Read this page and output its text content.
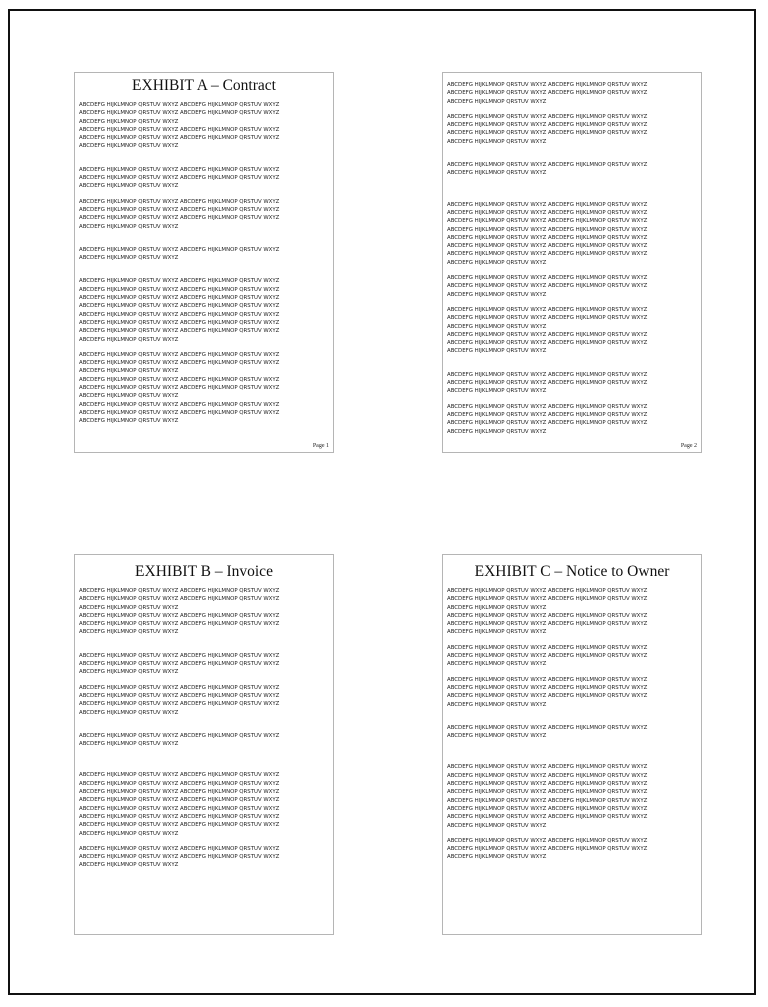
EXHIBIT A – Contract
ABCDEFG HIJKLMNOP QRSTUV WXYZ ABCDEFG HIJKLMNOP QRSTUV WXYZ
ABCDEFG HIJKLMNOP QRSTUV WXYZ ABCDEFG HIJKLMNOP QRSTUV WXYZ
ABCDEFG HIJKLMNOP QRSTUV WXYZ
ABCDEFG HIJKLMNOP QRSTUV WXYZ ABCDEFG HIJKLMNOP QRSTUV WXYZ
ABCDEFG HIJKLMNOP QRSTUV WXYZ ABCDEFG HIJKLMNOP QRSTUV WXYZ
ABCDEFG HIJKLMNOP QRSTUV WXYZ
ABCDEFG HIJKLMNOP QRSTUV WXYZ ABCDEFG HIJKLMNOP QRSTUV WXYZ
ABCDEFG HIJKLMNOP QRSTUV WXYZ ABCDEFG HIJKLMNOP QRSTUV WXYZ
ABCDEFG HIJKLMNOP QRSTUV WXYZ
ABCDEFG HIJKLMNOP QRSTUV WXYZ ABCDEFG HIJKLMNOP QRSTUV WXYZ
ABCDEFG HIJKLMNOP QRSTUV WXYZ ABCDEFG HIJKLMNOP QRSTUV WXYZ
ABCDEFG HIJKLMNOP QRSTUV WXYZ ABCDEFG HIJKLMNOP QRSTUV WXYZ
ABCDEFG HIJKLMNOP QRSTUV WXYZ
ABCDEFG HIJKLMNOP QRSTUV WXYZ ABCDEFG HIJKLMNOP QRSTUV WXYZ
ABCDEFG HIJKLMNOP QRSTUV WXYZ
ABCDEFG HIJKLMNOP QRSTUV WXYZ ABCDEFG HIJKLMNOP QRSTUV WXYZ
ABCDEFG HIJKLMNOP QRSTUV WXYZ ABCDEFG HIJKLMNOP QRSTUV WXYZ
ABCDEFG HIJKLMNOP QRSTUV WXYZ ABCDEFG HIJKLMNOP QRSTUV WXYZ
ABCDEFG HIJKLMNOP QRSTUV WXYZ ABCDEFG HIJKLMNOP QRSTUV WXYZ
ABCDEFG HIJKLMNOP QRSTUV WXYZ ABCDEFG HIJKLMNOP QRSTUV WXYZ
ABCDEFG HIJKLMNOP QRSTUV WXYZ ABCDEFG HIJKLMNOP QRSTUV WXYZ
ABCDEFG HIJKLMNOP QRSTUV WXYZ ABCDEFG HIJKLMNOP QRSTUV WXYZ
ABCDEFG HIJKLMNOP QRSTUV WXYZ
ABCDEFG HIJKLMNOP QRSTUV WXYZ ABCDEFG HIJKLMNOP QRSTUV WXYZ
ABCDEFG HIJKLMNOP QRSTUV WXYZ ABCDEFG HIJKLMNOP QRSTUV WXYZ
ABCDEFG HIJKLMNOP QRSTUV WXYZ
ABCDEFG HIJKLMNOP QRSTUV WXYZ ABCDEFG HIJKLMNOP QRSTUV WXYZ
ABCDEFG HIJKLMNOP QRSTUV WXYZ ABCDEFG HIJKLMNOP QRSTUV WXYZ
ABCDEFG HIJKLMNOP QRSTUV WXYZ
ABCDEFG HIJKLMNOP QRSTUV WXYZ ABCDEFG HIJKLMNOP QRSTUV WXYZ
ABCDEFG HIJKLMNOP QRSTUV WXYZ ABCDEFG HIJKLMNOP QRSTUV WXYZ
ABCDEFG HIJKLMNOP QRSTUV WXYZ
Page 1
ABCDEFG HIJKLMNOP QRSTUV WXYZ ABCDEFG HIJKLMNOP QRSTUV WXYZ
ABCDEFG HIJKLMNOP QRSTUV WXYZ ABCDEFG HIJKLMNOP QRSTUV WXYZ
ABCDEFG HIJKLMNOP QRSTUV WXYZ
ABCDEFG HIJKLMNOP QRSTUV WXYZ ABCDEFG HIJKLMNOP QRSTUV WXYZ
ABCDEFG HIJKLMNOP QRSTUV WXYZ ABCDEFG HIJKLMNOP QRSTUV WXYZ
ABCDEFG HIJKLMNOP QRSTUV WXYZ ABCDEFG HIJKLMNOP QRSTUV WXYZ
ABCDEFG HIJKLMNOP QRSTUV WXYZ
ABCDEFG HIJKLMNOP QRSTUV WXYZ ABCDEFG HIJKLMNOP QRSTUV WXYZ
ABCDEFG HIJKLMNOP QRSTUV WXYZ
ABCDEFG HIJKLMNOP QRSTUV WXYZ ABCDEFG HIJKLMNOP QRSTUV WXYZ
ABCDEFG HIJKLMNOP QRSTUV WXYZ ABCDEFG HIJKLMNOP QRSTUV WXYZ
ABCDEFG HIJKLMNOP QRSTUV WXYZ ABCDEFG HIJKLMNOP QRSTUV WXYZ
ABCDEFG HIJKLMNOP QRSTUV WXYZ ABCDEFG HIJKLMNOP QRSTUV WXYZ
ABCDEFG HIJKLMNOP QRSTUV WXYZ ABCDEFG HIJKLMNOP QRSTUV WXYZ
ABCDEFG HIJKLMNOP QRSTUV WXYZ ABCDEFG HIJKLMNOP QRSTUV WXYZ
ABCDEFG HIJKLMNOP QRSTUV WXYZ ABCDEFG HIJKLMNOP QRSTUV WXYZ
ABCDEFG HIJKLMNOP QRSTUV WXYZ
ABCDEFG HIJKLMNOP QRSTUV WXYZ ABCDEFG HIJKLMNOP QRSTUV WXYZ
ABCDEFG HIJKLMNOP QRSTUV WXYZ ABCDEFG HIJKLMNOP QRSTUV WXYZ
ABCDEFG HIJKLMNOP QRSTUV WXYZ
ABCDEFG HIJKLMNOP QRSTUV WXYZ ABCDEFG HIJKLMNOP QRSTUV WXYZ
ABCDEFG HIJKLMNOP QRSTUV WXYZ ABCDEFG HIJKLMNOP QRSTUV WXYZ
ABCDEFG HIJKLMNOP QRSTUV WXYZ
ABCDEFG HIJKLMNOP QRSTUV WXYZ ABCDEFG HIJKLMNOP QRSTUV WXYZ
ABCDEFG HIJKLMNOP QRSTUV WXYZ ABCDEFG HIJKLMNOP QRSTUV WXYZ
ABCDEFG HIJKLMNOP QRSTUV WXYZ
ABCDEFG HIJKLMNOP QRSTUV WXYZ ABCDEFG HIJKLMNOP QRSTUV WXYZ
ABCDEFG HIJKLMNOP QRSTUV WXYZ ABCDEFG HIJKLMNOP QRSTUV WXYZ
ABCDEFG HIJKLMNOP QRSTUV WXYZ
ABCDEFG HIJKLMNOP QRSTUV WXYZ ABCDEFG HIJKLMNOP QRSTUV WXYZ
ABCDEFG HIJKLMNOP QRSTUV WXYZ ABCDEFG HIJKLMNOP QRSTUV WXYZ
ABCDEFG HIJKLMNOP QRSTUV WXYZ ABCDEFG HIJKLMNOP QRSTUV WXYZ
ABCDEFG HIJKLMNOP QRSTUV WXYZ
Page 2
EXHIBIT B – Invoice
ABCDEFG HIJKLMNOP QRSTUV WXYZ ABCDEFG HIJKLMNOP QRSTUV WXYZ
ABCDEFG HIJKLMNOP QRSTUV WXYZ ABCDEFG HIJKLMNOP QRSTUV WXYZ
ABCDEFG HIJKLMNOP QRSTUV WXYZ
ABCDEFG HIJKLMNOP QRSTUV WXYZ ABCDEFG HIJKLMNOP QRSTUV WXYZ
ABCDEFG HIJKLMNOP QRSTUV WXYZ ABCDEFG HIJKLMNOP QRSTUV WXYZ
ABCDEFG HIJKLMNOP QRSTUV WXYZ
ABCDEFG HIJKLMNOP QRSTUV WXYZ ABCDEFG HIJKLMNOP QRSTUV WXYZ
ABCDEFG HIJKLMNOP QRSTUV WXYZ ABCDEFG HIJKLMNOP QRSTUV WXYZ
ABCDEFG HIJKLMNOP QRSTUV WXYZ
ABCDEFG HIJKLMNOP QRSTUV WXYZ ABCDEFG HIJKLMNOP QRSTUV WXYZ
ABCDEFG HIJKLMNOP QRSTUV WXYZ ABCDEFG HIJKLMNOP QRSTUV WXYZ
ABCDEFG HIJKLMNOP QRSTUV WXYZ ABCDEFG HIJKLMNOP QRSTUV WXYZ
ABCDEFG HIJKLMNOP QRSTUV WXYZ
ABCDEFG HIJKLMNOP QRSTUV WXYZ ABCDEFG HIJKLMNOP QRSTUV WXYZ
ABCDEFG HIJKLMNOP QRSTUV WXYZ
ABCDEFG HIJKLMNOP QRSTUV WXYZ ABCDEFG HIJKLMNOP QRSTUV WXYZ
ABCDEFG HIJKLMNOP QRSTUV WXYZ ABCDEFG HIJKLMNOP QRSTUV WXYZ
ABCDEFG HIJKLMNOP QRSTUV WXYZ ABCDEFG HIJKLMNOP QRSTUV WXYZ
ABCDEFG HIJKLMNOP QRSTUV WXYZ ABCDEFG HIJKLMNOP QRSTUV WXYZ
ABCDEFG HIJKLMNOP QRSTUV WXYZ ABCDEFG HIJKLMNOP QRSTUV WXYZ
ABCDEFG HIJKLMNOP QRSTUV WXYZ ABCDEFG HIJKLMNOP QRSTUV WXYZ
ABCDEFG HIJKLMNOP QRSTUV WXYZ ABCDEFG HIJKLMNOP QRSTUV WXYZ
ABCDEFG HIJKLMNOP QRSTUV WXYZ
ABCDEFG HIJKLMNOP QRSTUV WXYZ ABCDEFG HIJKLMNOP QRSTUV WXYZ
ABCDEFG HIJKLMNOP QRSTUV WXYZ ABCDEFG HIJKLMNOP QRSTUV WXYZ
ABCDEFG HIJKLMNOP QRSTUV WXYZ
EXHIBIT C – Notice to Owner
ABCDEFG HIJKLMNOP QRSTUV WXYZ ABCDEFG HIJKLMNOP QRSTUV WXYZ
ABCDEFG HIJKLMNOP QRSTUV WXYZ ABCDEFG HIJKLMNOP QRSTUV WXYZ
ABCDEFG HIJKLMNOP QRSTUV WXYZ
ABCDEFG HIJKLMNOP QRSTUV WXYZ ABCDEFG HIJKLMNOP QRSTUV WXYZ
ABCDEFG HIJKLMNOP QRSTUV WXYZ ABCDEFG HIJKLMNOP QRSTUV WXYZ
ABCDEFG HIJKLMNOP QRSTUV WXYZ
ABCDEFG HIJKLMNOP QRSTUV WXYZ ABCDEFG HIJKLMNOP QRSTUV WXYZ
ABCDEFG HIJKLMNOP QRSTUV WXYZ ABCDEFG HIJKLMNOP QRSTUV WXYZ
ABCDEFG HIJKLMNOP QRSTUV WXYZ
ABCDEFG HIJKLMNOP QRSTUV WXYZ ABCDEFG HIJKLMNOP QRSTUV WXYZ
ABCDEFG HIJKLMNOP QRSTUV WXYZ ABCDEFG HIJKLMNOP QRSTUV WXYZ
ABCDEFG HIJKLMNOP QRSTUV WXYZ ABCDEFG HIJKLMNOP QRSTUV WXYZ
ABCDEFG HIJKLMNOP QRSTUV WXYZ
ABCDEFG HIJKLMNOP QRSTUV WXYZ ABCDEFG HIJKLMNOP QRSTUV WXYZ
ABCDEFG HIJKLMNOP QRSTUV WXYZ
ABCDEFG HIJKLMNOP QRSTUV WXYZ ABCDEFG HIJKLMNOP QRSTUV WXYZ
ABCDEFG HIJKLMNOP QRSTUV WXYZ ABCDEFG HIJKLMNOP QRSTUV WXYZ
ABCDEFG HIJKLMNOP QRSTUV WXYZ ABCDEFG HIJKLMNOP QRSTUV WXYZ
ABCDEFG HIJKLMNOP QRSTUV WXYZ ABCDEFG HIJKLMNOP QRSTUV WXYZ
ABCDEFG HIJKLMNOP QRSTUV WXYZ ABCDEFG HIJKLMNOP QRSTUV WXYZ
ABCDEFG HIJKLMNOP QRSTUV WXYZ ABCDEFG HIJKLMNOP QRSTUV WXYZ
ABCDEFG HIJKLMNOP QRSTUV WXYZ ABCDEFG HIJKLMNOP QRSTUV WXYZ
ABCDEFG HIJKLMNOP QRSTUV WXYZ
ABCDEFG HIJKLMNOP QRSTUV WXYZ ABCDEFG HIJKLMNOP QRSTUV WXYZ
ABCDEFG HIJKLMNOP QRSTUV WXYZ ABCDEFG HIJKLMNOP QRSTUV WXYZ
ABCDEFG HIJKLMNOP QRSTUV WXYZ
